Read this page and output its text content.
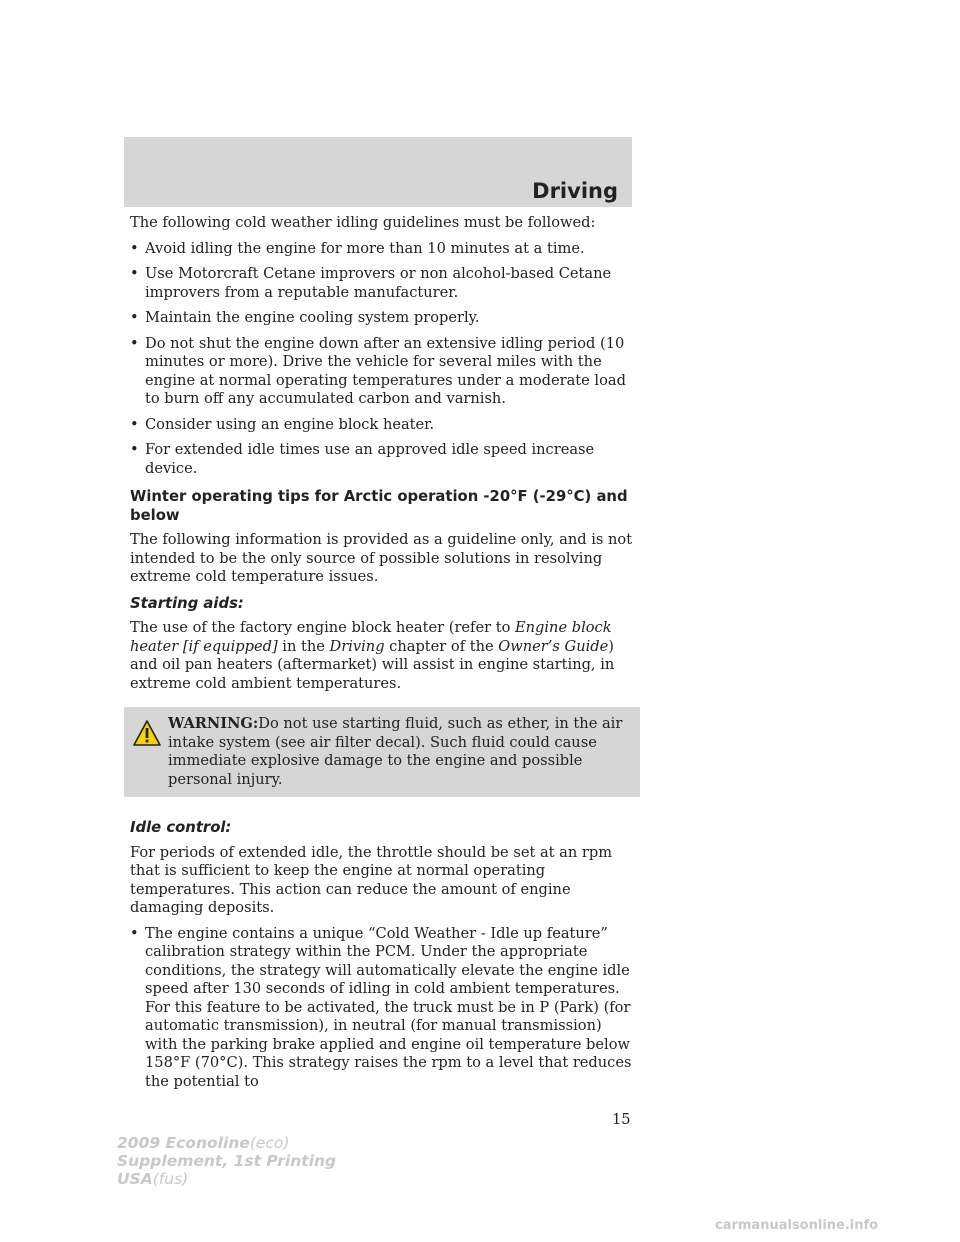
Driving

The following cold weather idling guidelines must be followed:

• Avoid idling the engine for more than 10 minutes at a time.
• Use Motorcraft Cetane improvers or non alcohol-based Cetane improvers from a reputable manufacturer.
• Maintain the engine cooling system properly.
• Do not shut the engine down after an extensive idling period (10 minutes or more). Drive the vehicle for several miles with the engine at normal operating temperatures under a moderate load to burn off any accumulated carbon and varnish.
• Consider using an engine block heater.
• For extended idle times use an approved idle speed increase device.
Winter operating tips for Arctic operation -20°F (-29°C) and below

The following information is provided as a guideline only, and is not intended to be the only source of possible solutions in resolving extreme cold temperature issues.

Starting aids:

The use of the factory engine block heater (refer to Engine block heater [if equipped] in the Driving chapter of the Owner’s Guide) and oil pan heaters (aftermarket) will assist in engine starting, in extreme cold ambient temperatures.

WARNING:Do not use starting fluid, such as ether, in the air intake system (see air filter decal). Such fluid could cause immediate explosive damage to the engine and possible personal injury.
Idle control:

For periods of extended idle, the throttle should be set at an rpm that is sufficient to keep the engine at normal operating temperatures. This action can reduce the amount of engine damaging deposits.

• The engine contains a unique “Cold Weather - Idle up feature” calibration strategy within the PCM. Under the appropriate conditions, the strategy will automatically elevate the engine idle speed after 130 seconds of idling in cold ambient temperatures. For this feature to be activated, the truck must be in P (Park) (for automatic transmission), in neutral (for manual transmission) with the parking brake applied and engine oil temperature below 158°F (70°C). This strategy raises the rpm to a level that reduces the potential to
15
2009 Econoline(eco)
Supplement, 1st Printing
USA(fus)
carmanualsonline.info
